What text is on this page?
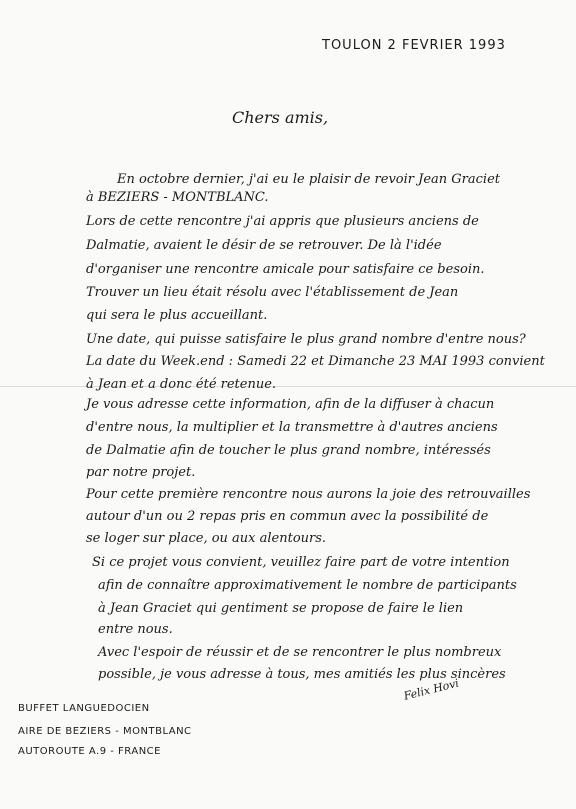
TOULON 2 FEVRIER 1993
Chers amis,
En octobre dernier, j'ai eu le plaisir de revoir Jean Graciet
à BEZIERS - MONTBLANC.
Lors de cette rencontre j'ai appris que plusieurs anciens de
Dalmatie, avaient le désir de se retrouver. De là l'idée
d'organiser une rencontre amicale pour satisfaire ce besoin.
Trouver un lieu était résolu avec l'établissement de Jean
qui sera le plus accueillant.
Une date, qui puisse satisfaire le plus grand nombre d'entre nous?
La date du Week.end : Samedi 22 et Dimanche 23 MAI 1993 convient
à Jean et a donc été retenue.
Je vous adresse cette information, afin de la diffuser à chacun
d'entre nous, la multiplier et la transmettre à d'autres anciens
de Dalmatie afin de toucher le plus grand nombre, intéressés
par notre projet.
Pour cette première rencontre nous aurons la joie des retrouvailles
autour d'un ou 2 repas pris en commun avec la possibilité de
se loger sur place, ou aux alentours.
Si ce projet vous convient, veuillez faire part de votre intention
afin de connaître approximativement le nombre de participants
à Jean Graciet qui gentiment se propose de faire le lien
entre nous.
Avec l'espoir de réussir et de se rencontrer le plus nombreux
possible, je vous adresse à tous, mes amitiés les plus sincères
Felix Hovi
BUFFET LANGUEDOCIEN
AIRE DE BEZIERS - MONTBLANC
AUTOROUTE A.9 - FRANCE
